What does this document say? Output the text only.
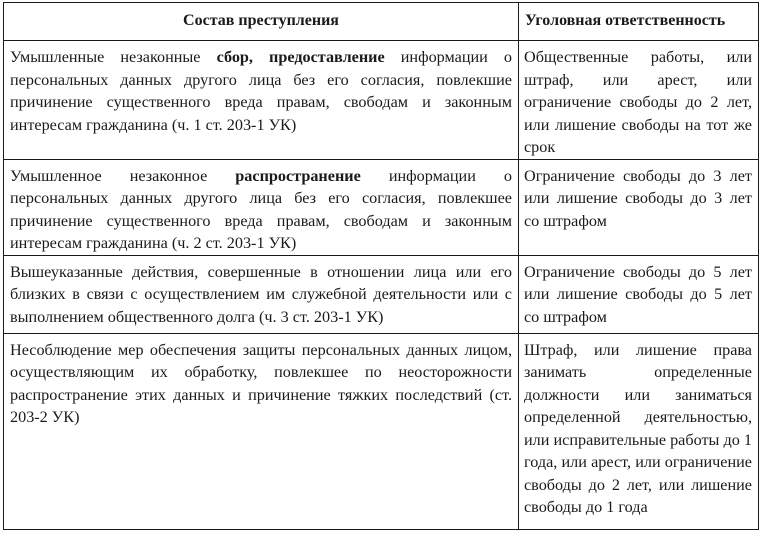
Состав преступления	Уголовная ответственность

Умышленные незаконные сбор, предоставление информации о персональных данных другого лица без его согласия, повлекшие причинение существенного вреда правам, свободам и законным интересам гражданина (ч. 1 ст. 203-1 УК)	Общественные работы, или штраф, или арест, или ограничение свободы до 2 лет, или лишение свободы на тот же срок

Умышленное незаконное распространение информации о персональных данных другого лица без его согласия, повлекшее причинение существенного вреда правам, свободам и законным интересам гражданина (ч. 2 ст. 203-1 УК)	Ограничение свободы до 3 лет или лишение свободы до 3 лет со штрафом

Вышеуказанные действия, совершенные в отношении лица или его близких в связи с осуществлением им служебной деятельности или с выполнением общественного долга (ч. 3 ст. 203-1 УК)	Ограничение свободы до 5 лет или лишение свободы до 5 лет со штрафом

Несоблюдение мер обеспечения защиты персональных данных лицом, осуществляющим их обработку, повлекшее по неосторожности распространение этих данных и причинение тяжких последствий (ст. 203-2 УК)	Штраф, или лишение права занимать определенные должности или заниматься определенной деятельностью, или исправительные работы до 1 года, или арест, или ограничение свободы до 2 лет, или лишение свободы до 1 года
